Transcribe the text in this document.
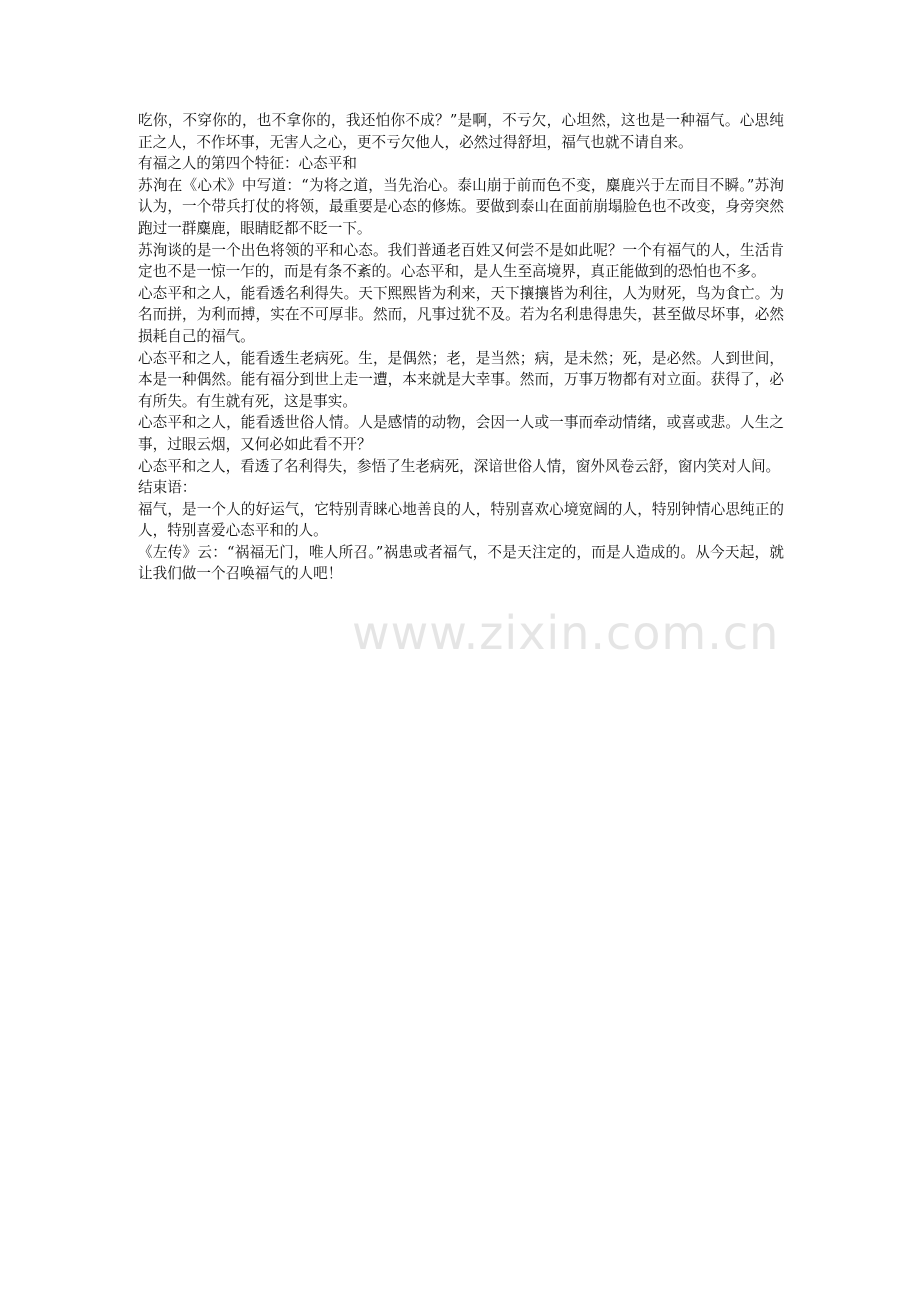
吃你，不穿你的，也不拿你的，我还怕你不成？”是啊，不亏欠，心坦然，这也是一种福气。心思纯正之人，不作坏事，无害人之心，更不亏欠他人，必然过得舒坦，福气也就不请自来。

有福之人的第四个特征：心态平和

苏洵在《心术》中写道：“为将之道，当先治心。泰山崩于前而色不变，麋鹿兴于左而目不瞬。”苏洵认为，一个带兵打仗的将领，最重要是心态的修炼。要做到泰山在面前崩塌脸色也不改变，身旁突然跑过一群麋鹿，眼睛眨都不眨一下。

苏洵谈的是一个出色将领的平和心态。我们普通老百姓又何尝不是如此呢？一个有福气的人，生活肯定也不是一惊一乍的，而是有条不紊的。心态平和，是人生至高境界，真正能做到的恐怕也不多。

心态平和之人，能看透名利得失。天下熙熙皆为利来，天下攘攘皆为利往，人为财死，鸟为食亡。为名而拼，为利而搏，实在不可厚非。然而，凡事过犹不及。若为名利患得患失，甚至做尽坏事，必然损耗自己的福气。

心态平和之人，能看透生老病死。生，是偶然；老，是当然；病，是未然；死，是必然。人到世间，本是一种偶然。能有福分到世上走一遭，本来就是大幸事。然而，万事万物都有对立面。获得了，必有所失。有生就有死，这是事实。

心态平和之人，能看透世俗人情。人是感情的动物，会因一人或一事而牵动情绪，或喜或悲。人生之事，过眼云烟，又何必如此看不开？

心态平和之人，看透了名利得失，参悟了生老病死，深谙世俗人情，窗外风卷云舒，窗内笑对人间。

结束语：

福气，是一个人的好运气，它特别青睐心地善良的人，特别喜欢心境宽阔的人，特别钟情心思纯正的人，特别喜爱心态平和的人。

《左传》云：“祸福无门，唯人所召。”祸患或者福气，不是天注定的，而是人造成的。从今天起，就让我们做一个召唤福气的人吧！

www.zixin.com.cn
